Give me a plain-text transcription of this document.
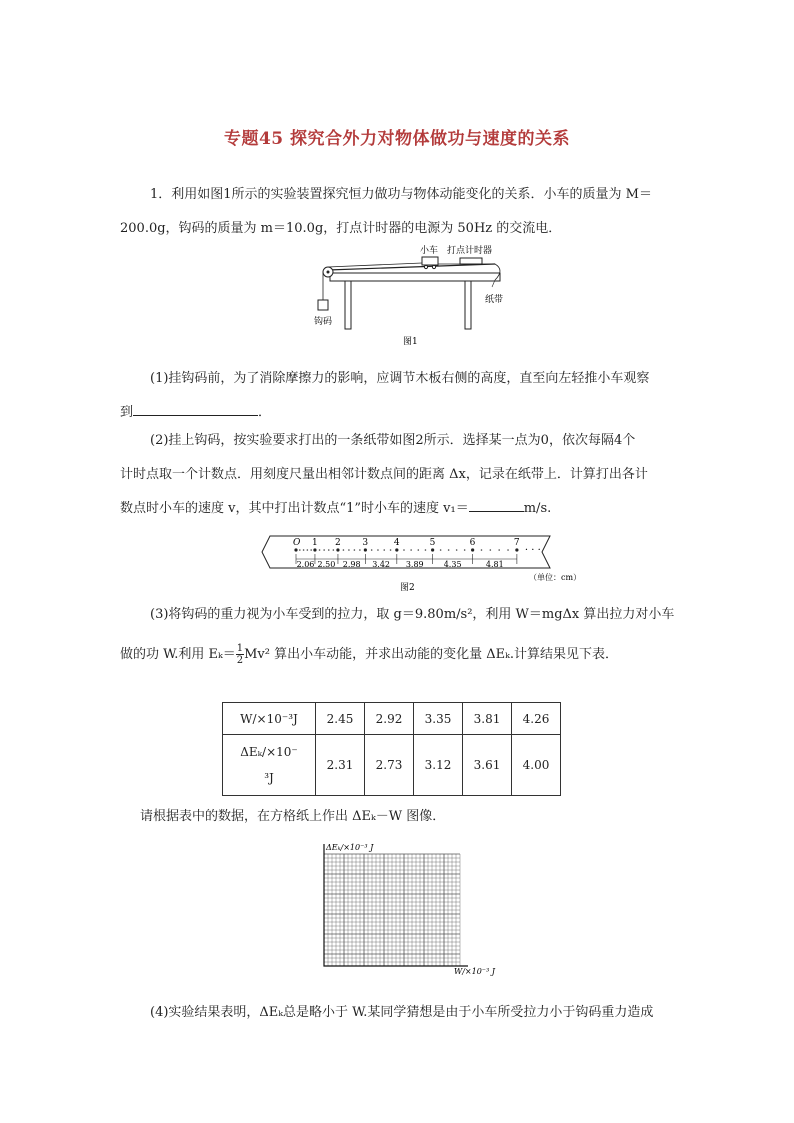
专题45 探究合外力对物体做功与速度的关系
1．利用如图1所示的实验装置探究恒力做功与物体动能变化的关系．小车的质量为 M＝
200.0g，钩码的质量为 m＝10.0g，打点计时器的电源为 50Hz 的交流电．
小车 打点计时器
纸带
钩码
图1
(1)挂钩码前，为了消除摩擦力的影响，应调节木板右侧的高度，直至向左轻推小车观察
到	．
(2)挂上钩码，按实验要求打出的一条纸带如图2所示．选择某一点为0，依次每隔4个
计时点取一个计数点．用刻度尺量出相邻计数点间的距离 Δx，记录在纸带上．计算打出各计
数点时小车的速度 v，其中打出计数点“1”时小车的速度 v₁＝	m/s.
O 1 2 3	4	5	6	7
2.06 2.50 2.98 3.42 3.89	4.35	4.81
· · ·
（单位：cm）
图2
(3)将钩码的重力视为小车受到的拉力，取 g＝9.80m/s²，利用 W＝mgΔx 算出拉力对小车
做的功 W.利用 $E_k= \frac{1}{2} Mv^2$ 算出小车动能，并求出动能的变化量 ΔEₖ.计算结果见下表．
W/×10⁻³J	2.45	2.92	3.35	3.81	4.26

ΔEₖ/×10⁻
³J	2.31	2.73	3.12	3.61	4.00
请根据表中的数据，在方格纸上作出 ΔEₖ－W 图像．
ΔEₖ/×10⁻³ J
W/×10⁻³ J
(4)实验结果表明，ΔEₖ总是略小于 W.某同学猜想是由于小车所受拉力小于钩码重力造成
